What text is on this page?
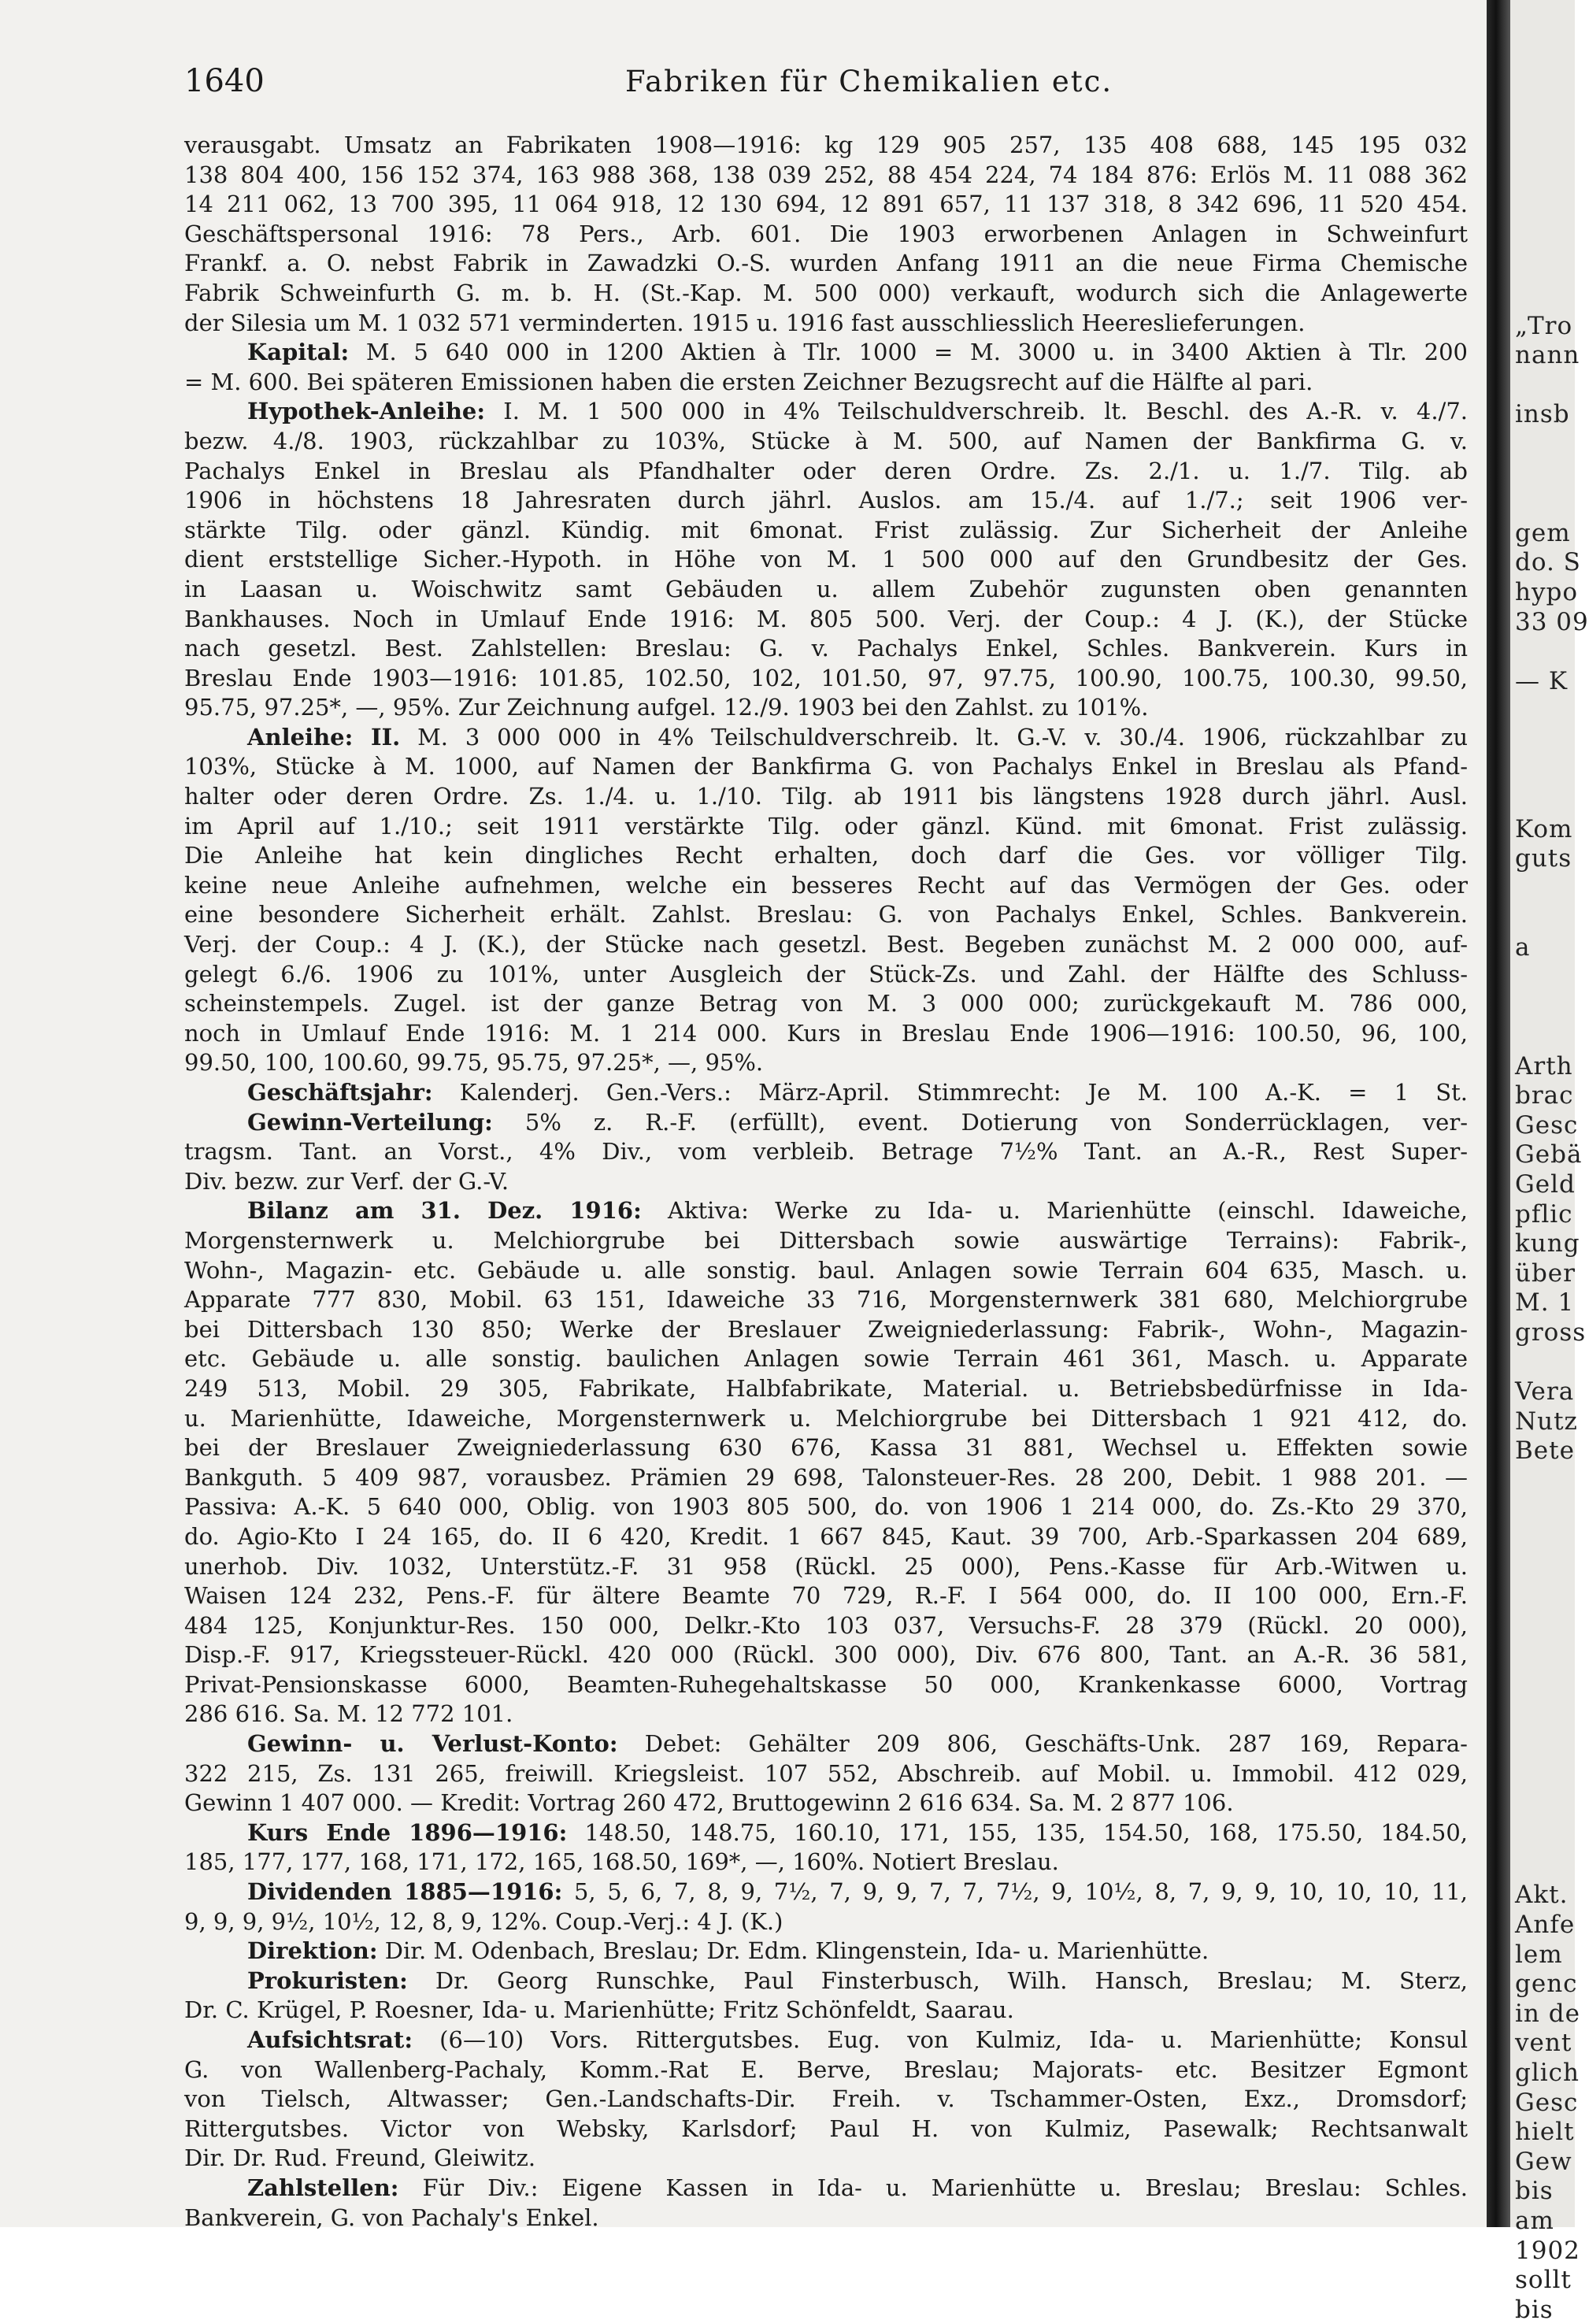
1640	Fabriken für Chemikalien etc.
verausgabt. Umsatz an Fabrikaten 1908—1916: kg 129 905 257, 135 408 688, 145 195 032
138 804 400, 156 152 374, 163 988 368, 138 039 252, 88 454 224, 74 184 876: Erlös M. 11 088 362
14 211 062, 13 700 395, 11 064 918, 12 130 694, 12 891 657, 11 137 318, 8 342 696, 11 520 454.
Geschäftspersonal 1916: 78 Pers., Arb. 601. Die 1903 erworbenen Anlagen in Schweinfurt
Frankf. a. O. nebst Fabrik in Zawadzki O.-S. wurden Anfang 1911 an die neue Firma Chemische
Fabrik Schweinfurth G. m. b. H. (St.-Kap. M. 500 000) verkauft, wodurch sich die Anlagewerte
der Silesia um M. 1 032 571 verminderten. 1915 u. 1916 fast ausschliesslich Heereslieferungen.
Kapital: M. 5 640 000 in 1200 Aktien à Tlr. 1000 = M. 3000 u. in 3400 Aktien à Tlr. 200
= M. 600. Bei späteren Emissionen haben die ersten Zeichner Bezugsrecht auf die Hälfte al pari.
Hypothek-Anleihe: I. M. 1 500 000 in 4% Teilschuldverschreib. lt. Beschl. des A.-R. v. 4./7.
bezw. 4./8. 1903, rückzahlbar zu 103%, Stücke à M. 500, auf Namen der Bankfirma G. v.
Pachalys Enkel in Breslau als Pfandhalter oder deren Ordre. Zs. 2./1. u. 1./7. Tilg. ab
1906 in höchstens 18 Jahresraten durch jährl. Auslos. am 15./4. auf 1./7.; seit 1906 ver-
stärkte Tilg. oder gänzl. Kündig. mit 6monat. Frist zulässig. Zur Sicherheit der Anleihe
dient erststellige Sicher.-Hypoth. in Höhe von M. 1 500 000 auf den Grundbesitz der Ges.
in Laasan u. Woischwitz samt Gebäuden u. allem Zubehör zugunsten oben genannten
Bankhauses. Noch in Umlauf Ende 1916: M. 805 500. Verj. der Coup.: 4 J. (K.), der Stücke
nach gesetzl. Best. Zahlstellen: Breslau: G. v. Pachalys Enkel, Schles. Bankverein. Kurs in
Breslau Ende 1903—1916: 101.85, 102.50, 102, 101.50, 97, 97.75, 100.90, 100.75, 100.30, 99.50,
95.75, 97.25*, —, 95%. Zur Zeichnung aufgel. 12./9. 1903 bei den Zahlst. zu 101%.
Anleihe: II. M. 3 000 000 in 4% Teilschuldverschreib. lt. G.-V. v. 30./4. 1906, rückzahlbar zu
103%, Stücke à M. 1000, auf Namen der Bankfirma G. von Pachalys Enkel in Breslau als Pfand-
halter oder deren Ordre. Zs. 1./4. u. 1./10. Tilg. ab 1911 bis längstens 1928 durch jährl. Ausl.
im April auf 1./10.; seit 1911 verstärkte Tilg. oder gänzl. Künd. mit 6monat. Frist zulässig.
Die Anleihe hat kein dingliches Recht erhalten, doch darf die Ges. vor völliger Tilg.
keine neue Anleihe aufnehmen, welche ein besseres Recht auf das Vermögen der Ges. oder
eine besondere Sicherheit erhält. Zahlst. Breslau: G. von Pachalys Enkel, Schles. Bankverein.
Verj. der Coup.: 4 J. (K.), der Stücke nach gesetzl. Best. Begeben zunächst M. 2 000 000, auf-
gelegt 6./6. 1906 zu 101%, unter Ausgleich der Stück-Zs. und Zahl. der Hälfte des Schluss-
scheinstempels. Zugel. ist der ganze Betrag von M. 3 000 000; zurückgekauft M. 786 000,
noch in Umlauf Ende 1916: M. 1 214 000. Kurs in Breslau Ende 1906—1916: 100.50, 96, 100,
99.50, 100, 100.60, 99.75, 95.75, 97.25*, —, 95%.
Geschäftsjahr: Kalenderj. Gen.-Vers.: März-April. Stimmrecht: Je M. 100 A.-K. = 1 St.
Gewinn-Verteilung: 5% z. R.-F. (erfüllt), event. Dotierung von Sonderrücklagen, ver-
tragsm. Tant. an Vorst., 4% Div., vom verbleib. Betrage 7½% Tant. an A.-R., Rest Super-
Div. bezw. zur Verf. der G.-V.
Bilanz am 31. Dez. 1916: Aktiva: Werke zu Ida- u. Marienhütte (einschl. Idaweiche,
Morgensternwerk u. Melchiorgrube bei Dittersbach sowie auswärtige Terrains): Fabrik-,
Wohn-, Magazin- etc. Gebäude u. alle sonstig. baul. Anlagen sowie Terrain 604 635, Masch. u.
Apparate 777 830, Mobil. 63 151, Idaweiche 33 716, Morgensternwerk 381 680, Melchiorgrube
bei Dittersbach 130 850; Werke der Breslauer Zweigniederlassung: Fabrik-, Wohn-, Magazin-
etc. Gebäude u. alle sonstig. baulichen Anlagen sowie Terrain 461 361, Masch. u. Apparate
249 513, Mobil. 29 305, Fabrikate, Halbfabrikate, Material. u. Betriebsbedürfnisse in Ida-
u. Marienhütte, Idaweiche, Morgensternwerk u. Melchiorgrube bei Dittersbach 1 921 412, do.
bei der Breslauer Zweigniederlassung 630 676, Kassa 31 881, Wechsel u. Effekten sowie
Bankguth. 5 409 987, vorausbez. Prämien 29 698, Talonsteuer-Res. 28 200, Debit. 1 988 201. —
Passiva: A.-K. 5 640 000, Oblig. von 1903 805 500, do. von 1906 1 214 000, do. Zs.-Kto 29 370,
do. Agio-Kto I 24 165, do. II 6 420, Kredit. 1 667 845, Kaut. 39 700, Arb.-Sparkassen 204 689,
unerhob. Div. 1032, Unterstütz.-F. 31 958 (Rückl. 25 000), Pens.-Kasse für Arb.-Witwen u.
Waisen 124 232, Pens.-F. für ältere Beamte 70 729, R.-F. I 564 000, do. II 100 000, Ern.-F.
484 125, Konjunktur-Res. 150 000, Delkr.-Kto 103 037, Versuchs-F. 28 379 (Rückl. 20 000),
Disp.-F. 917, Kriegssteuer-Rückl. 420 000 (Rückl. 300 000), Div. 676 800, Tant. an A.-R. 36 581,
Privat-Pensionskasse 6000, Beamten-Ruhegehaltskasse 50 000, Krankenkasse 6000, Vortrag
286 616. Sa. M. 12 772 101.
Gewinn- u. Verlust-Konto: Debet: Gehälter 209 806, Geschäfts-Unk. 287 169, Repara-
322 215, Zs. 131 265, freiwill. Kriegsleist. 107 552, Abschreib. auf Mobil. u. Immobil. 412 029,
Gewinn 1 407 000. — Kredit: Vortrag 260 472, Bruttogewinn 2 616 634. Sa. M. 2 877 106.
Kurs Ende 1896—1916: 148.50, 148.75, 160.10, 171, 155, 135, 154.50, 168, 175.50, 184.50,
185, 177, 177, 168, 171, 172, 165, 168.50, 169*, —, 160%. Notiert Breslau.
Dividenden 1885—1916: 5, 5, 6, 7, 8, 9, 7½, 7, 9, 9, 7, 7, 7½, 9, 10½, 8, 7, 9, 9, 10, 10, 10, 11,
9, 9, 9, 9½, 10½, 12, 8, 9, 12%. Coup.-Verj.: 4 J. (K.)
Direktion: Dir. M. Odenbach, Breslau; Dr. Edm. Klingenstein, Ida- u. Marienhütte.
Prokuristen: Dr. Georg Runschke, Paul Finsterbusch, Wilh. Hansch, Breslau; M. Sterz,
Dr. C. Krügel, P. Roesner, Ida- u. Marienhütte; Fritz Schönfeldt, Saarau.
Aufsichtsrat: (6—10) Vors. Rittergutsbes. Eug. von Kulmiz, Ida- u. Marienhütte; Konsul
G. von Wallenberg-Pachaly, Komm.-Rat E. Berve, Breslau; Majorats- etc. Besitzer Egmont
von Tielsch, Altwasser; Gen.-Landschafts-Dir. Freih. v. Tschammer-Osten, Exz., Dromsdorf;
Rittergutsbes. Victor von Websky, Karlsdorf; Paul H. von Kulmiz, Pasewalk; Rechtsanwalt
Dir. Dr. Rud. Freund, Gleiwitz.
Zahlstellen: Für Div.: Eigene Kassen in Ida- u. Marienhütte u. Breslau; Breslau: Schles.
Bankverein, G. von Pachaly's Enkel.
„Tro
nann
insb
gem
do. S
hypo
33 09
— K
Kom
guts
a
Arth
brac
Gesc
Gebä
Geld
pflic
kung
über
M. 1
gross
Vera
Nutz
Bete
Akt.
Anfe
lem
genc
in de
vent
glich
Gesc
hielt
Gew
bis
am
1902
sollt
bis
